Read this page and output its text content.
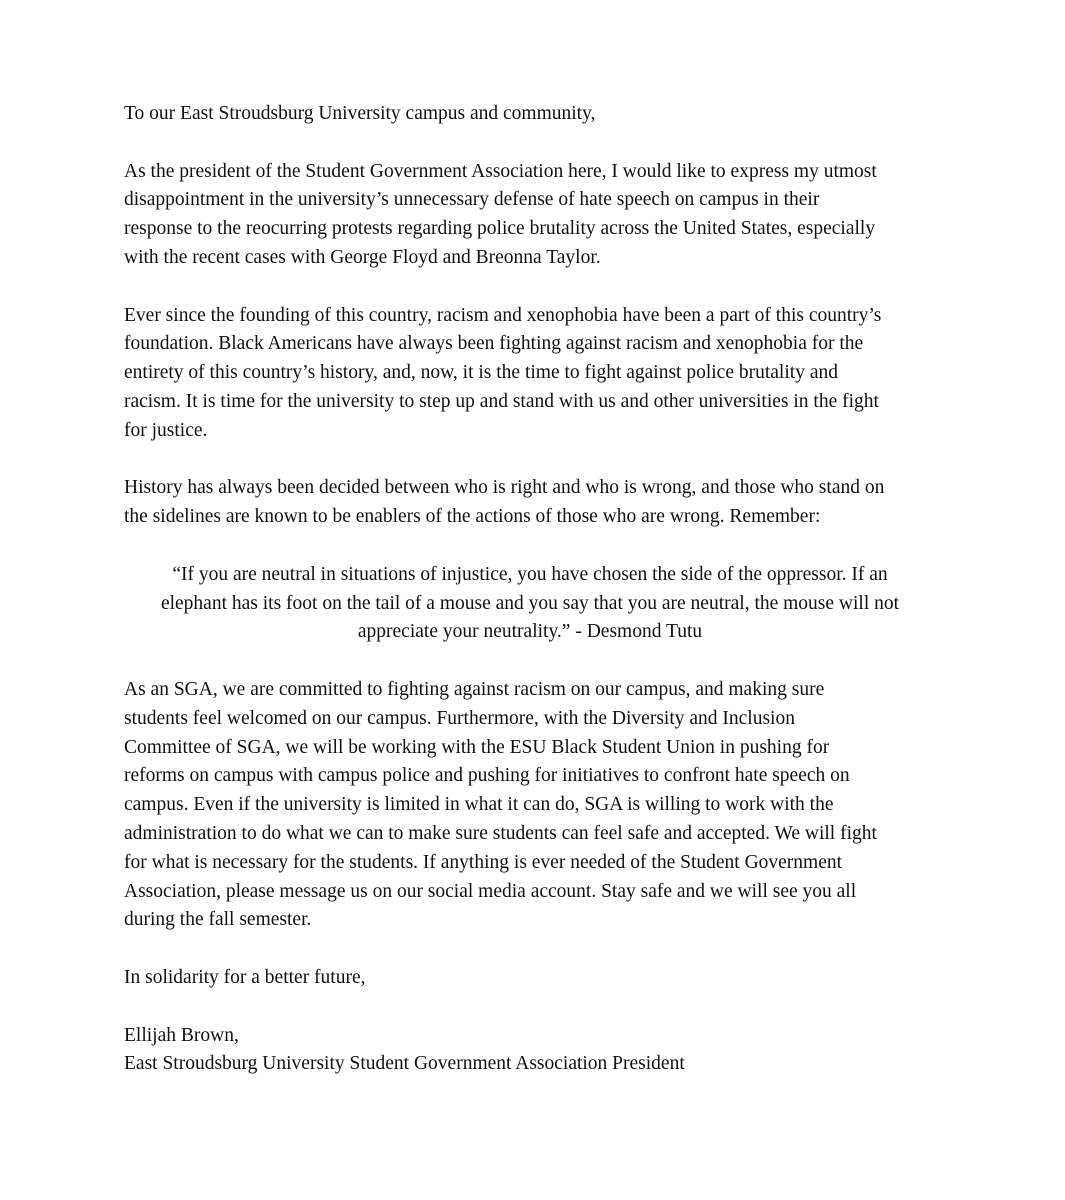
To our East Stroudsburg University campus and community,
As the president of the Student Government Association here, I would like to express my utmost
disappointment in the university’s unnecessary defense of hate speech on campus in their
response to the reocurring protests regarding police brutality across the United States, especially
with the recent cases with George Floyd and Breonna Taylor.
Ever since the founding of this country, racism and xenophobia have been a part of this country’s
foundation. Black Americans have always been fighting against racism and xenophobia for the
entirety of this country’s history, and, now, it is the time to fight against police brutality and
racism. It is time for the university to step up and stand with us and other universities in the fight
for justice.
History has always been decided between who is right and who is wrong, and those who stand on
the sidelines are known to be enablers of the actions of those who are wrong. Remember:
“If you are neutral in situations of injustice, you have chosen the side of the oppressor. If an
elephant has its foot on the tail of a mouse and you say that you are neutral, the mouse will not
appreciate your neutrality.” - Desmond Tutu
As an SGA, we are committed to fighting against racism on our campus, and making sure
students feel welcomed on our campus. Furthermore, with the Diversity and Inclusion
Committee of SGA, we will be working with the ESU Black Student Union in pushing for
reforms on campus with campus police and pushing for initiatives to confront hate speech on
campus. Even if the university is limited in what it can do, SGA is willing to work with the
administration to do what we can to make sure students can feel safe and accepted. We will fight
for what is necessary for the students. If anything is ever needed of the Student Government
Association, please message us on our social media account. Stay safe and we will see you all
during the fall semester.
In solidarity for a better future,
Ellijah Brown,
East Stroudsburg University Student Government Association President
